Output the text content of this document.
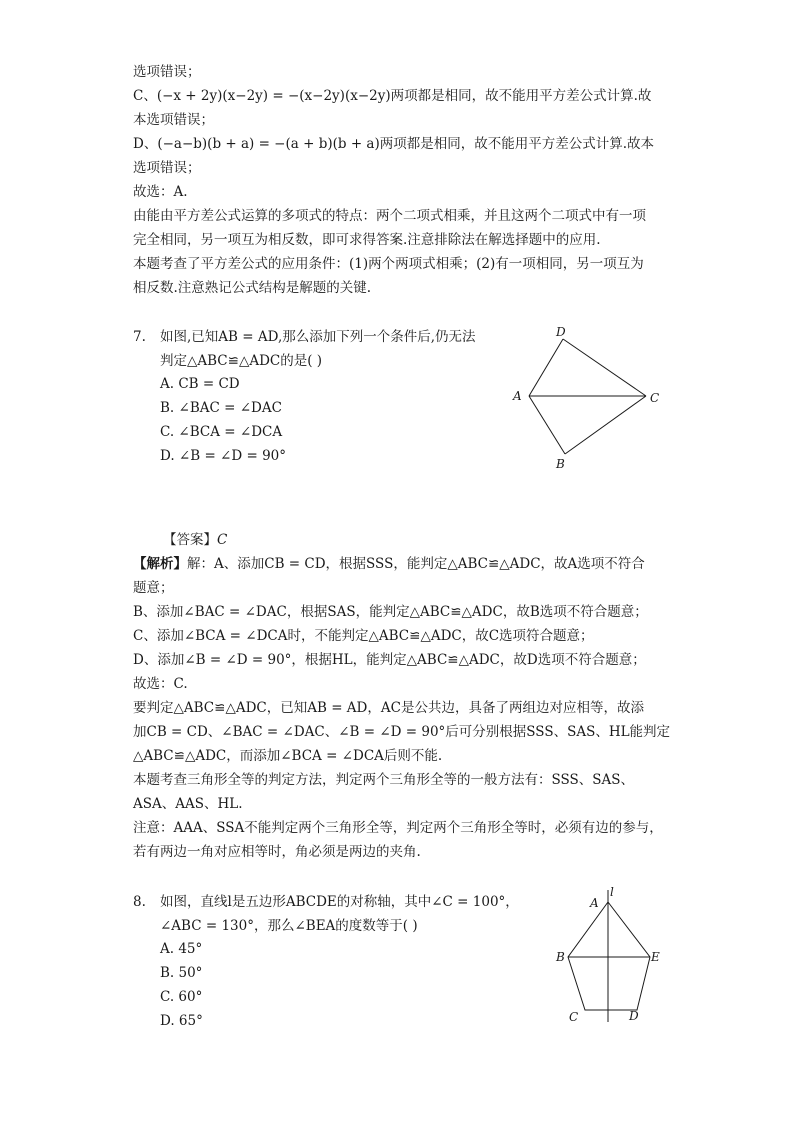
选项错误；
C、(−x + 2y)(x−2y) = −(x−2y)(x−2y)两项都是相同，故不能用平方差公式计算.故
本选项错误；
D、(−a−b)(b + a) = −(a + b)(b + a)两项都是相同，故不能用平方差公式计算.故本
选项错误；
故选：A.
由能由平方差公式运算的多项式的特点：两个二项式相乘，并且这两个二项式中有一项
完全相同，另一项互为相反数，即可求得答案.注意排除法在解选择题中的应用.
本题考查了平方差公式的应用条件：(1)两个两项式相乘；(2)有一项相同，另一项互为
相反数.注意熟记公式结构是解题的关键.
7. 如图,已知AB = AD,那么添加下列一个条件后,仍无法
判定△ABC≌△ADC的是( )
A. CB = CD
B. ∠BAC = ∠DAC
C. ∠BCA = ∠DCA
D. ∠B = ∠D = 90°
D
A	C
B
【答案】C
【解析】解：A、添加CB = CD，根据SSS，能判定△ABC≌△ADC，故A选项不符合
题意；
B、添加∠BAC = ∠DAC，根据SAS，能判定△ABC≌△ADC，故B选项不符合题意；
C、添加∠BCA = ∠DCA时，不能判定△ABC≌△ADC，故C选项符合题意；
D、添加∠B = ∠D = 90°，根据HL，能判定△ABC≌△ADC，故D选项不符合题意；
故选：C.
要判定△ABC≌△ADC，已知AB = AD，AC是公共边，具备了两组边对应相等，故添
加CB = CD、∠BAC = ∠DAC、∠B = ∠D = 90°后可分别根据SSS、SAS、HL能判定
△ABC≌△ADC，而添加∠BCA = ∠DCA后则不能.
本题考查三角形全等的判定方法，判定两个三角形全等的一般方法有：SSS、SAS、
ASA、AAS、HL.
注意：AAA、SSA不能判定两个三角形全等，判定两个三角形全等时，必须有边的参与，
若有两边一角对应相等时，角必须是两边的夹角.
8. 如图，直线l是五边形ABCDE的对称轴，其中∠C = 100°，
∠ABC = 130°，那么∠BEA的度数等于( )
A. 45°
B. 50°
C. 60°
D. 65°
l
A
B	E
C	D
